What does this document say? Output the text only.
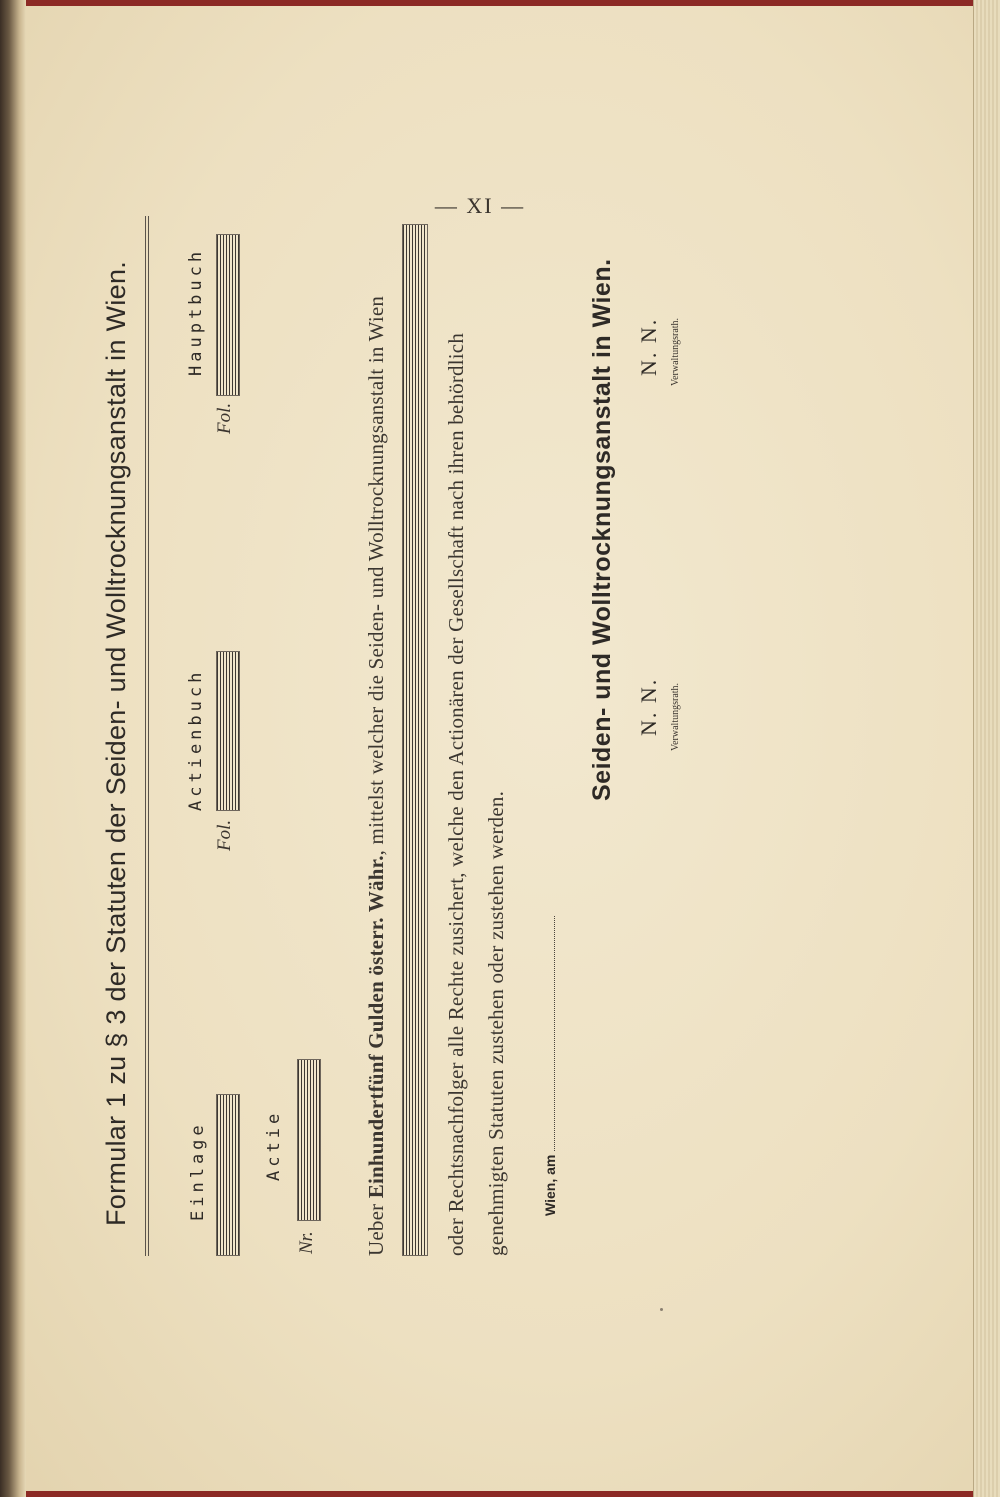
— XI —
Formular 1 zu § 3 der Statuten der Seiden- und Wolltrocknungsanstalt in Wien.	Einlage
Actienbuch
Fol.
Hauptbuch
Fol.
Actie
Nr. Ueber Einhundertfünf Gulden österr. Währ., mittelst welcher die Seiden- und Wolltrocknungsanstalt in Wien	oder Rechtsnachfolger alle Rechte zusichert, welche den Actionären der Gesellschaft nach ihren behördlich genehmigten Statuten zustehen oder zustehen werden. Wien, am
Seiden- und Wolltrocknungsanstalt in Wien. N. N. Verwaltungsrath.
N. N. Verwaltungsrath.
